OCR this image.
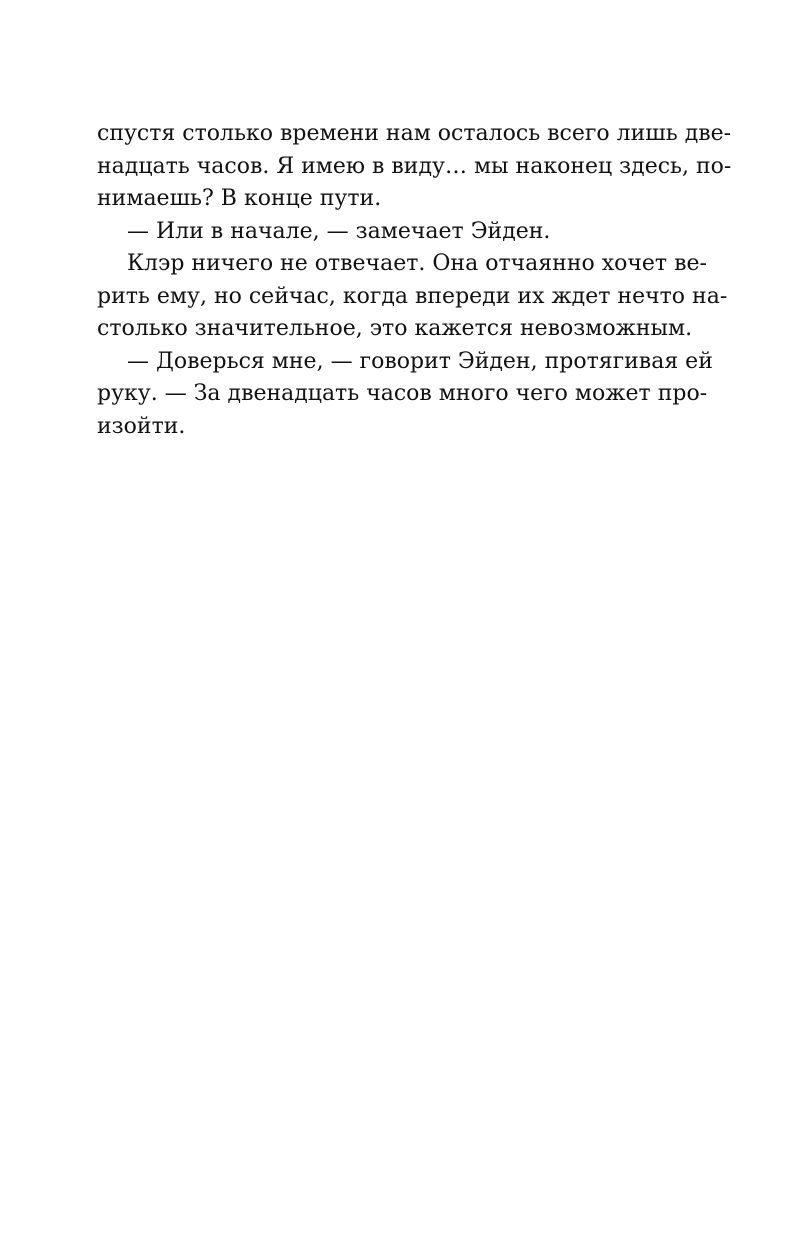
спустя столько времени нам осталось всего лишь две-
надцать часов. Я имею в виду… мы наконец здесь, по-
нимаешь? В конце пути.
— Или в начале, — замечает Эйден.
Клэр ничего не отвечает. Она отчаянно хочет ве-
рить ему, но сейчас, когда впереди их ждет нечто на-
столько значительное, это кажется невозможным.
— Доверься мне, — говорит Эйден, протягивая ей
руку. — За двенадцать часов много чего может про-
изойти.
